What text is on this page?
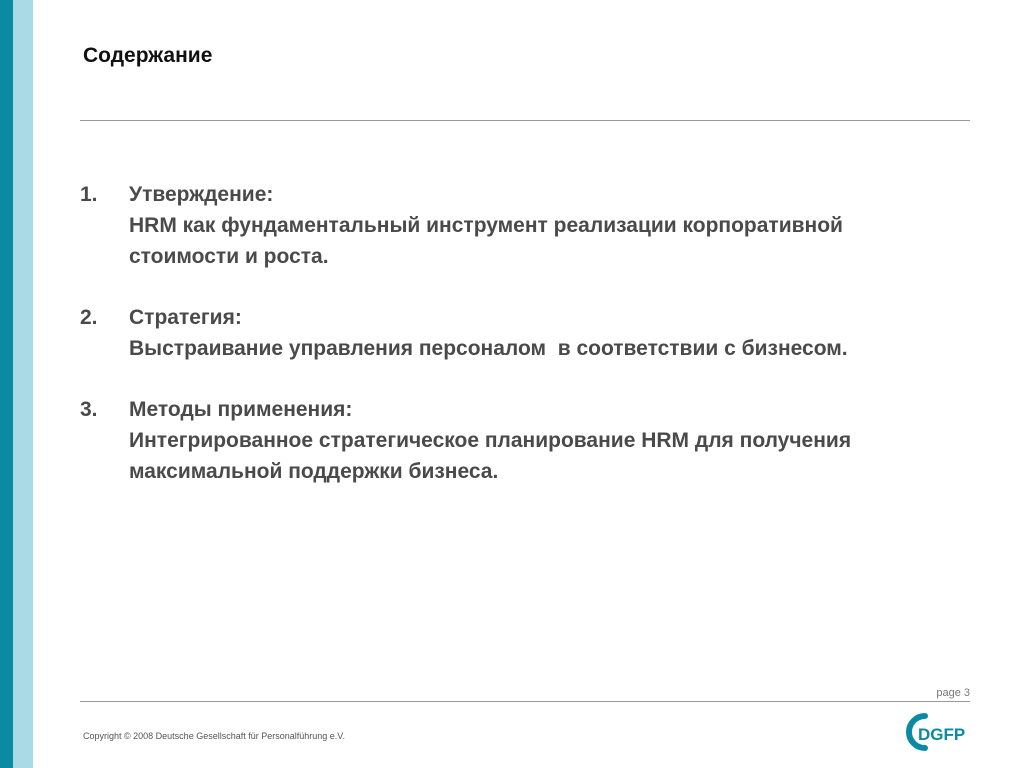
Содержание
1.	Утверждение:
HRM как фундаментальный инструмент реализации корпоративной
стоимости и роста.
2.	Стратегия:
Выстраивание управления персоналом  в соответствии с бизнесом.
3.	Методы применения:
Интегрированное стратегическое планирование HRM для получения
максимальной поддержки бизнеса.
page 3
Copyright © 2008 Deutsche Gesellschaft für Personalführung e.V.	DGFP
